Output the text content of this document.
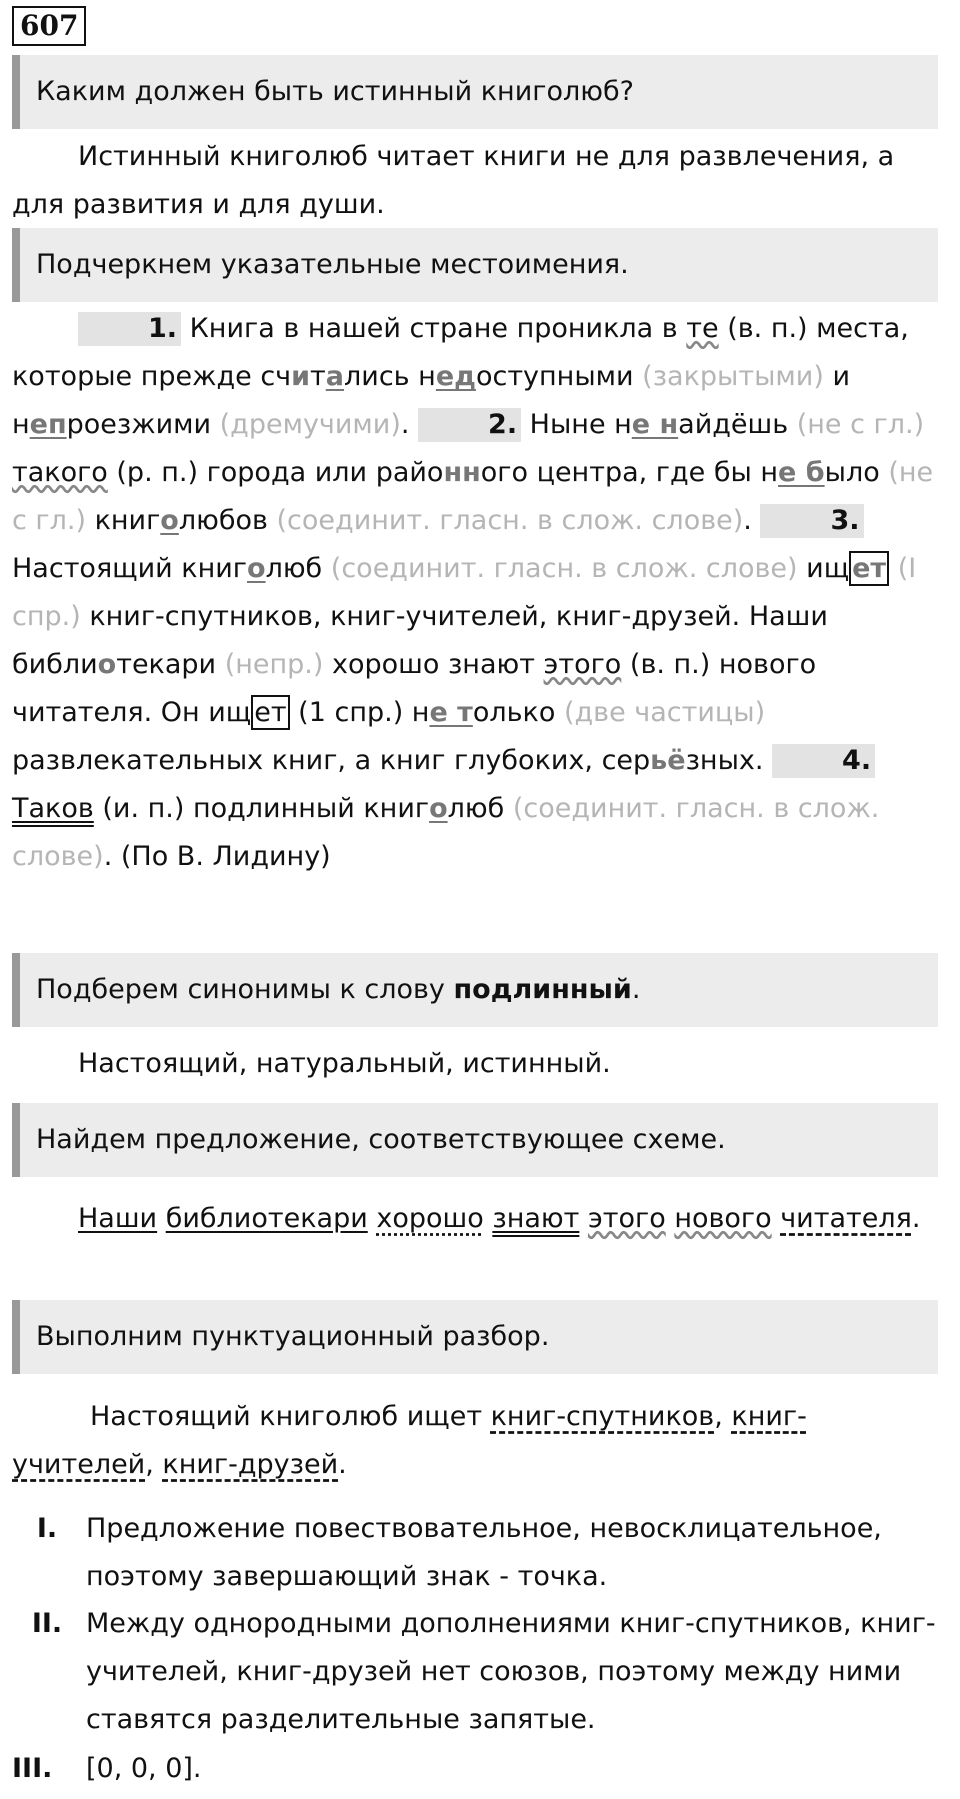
607
Каким должен быть истинный книголюб?
Истинный книголюб читает книги не для развлечения, а для развития и для души.
Подчеркнем указательные местоимения.
1. Книга в нашей стране проникла в те (в. п.) места, которые прежде считались недоступными (закрытыми) и непроезжими (дремучими).	2. Ныне не найдёшь (не с гл.) такого (р. п.) города или районного центра, где бы не было (не с гл.) книголюбов (соединит. гласн. в слож. слове).	3. Настоящий книголюб (соединит. гласн. в слож. слове) ищ ет (I спр.) книг-спутников, книг-учителей, книг-друзей. Наши библиотекари (непр.) хорошо знают этого (в. п.) нового читателя. Он ищ ет (1 спр.) не только (две частицы) развлекательных книг, а книг глубоких, серьёзных.	4. Таков (и. п.) подлинный книголюб (соединит. гласн. в слож. слове). (По В. Лидину)
Подберем синонимы к слову подлинный.
Настоящий, натуральный, истинный.
Найдем предложение, соответствующее схеме.
Наши библиотекари хорошо знают этого нового читателя.
Выполним пунктуационный разбор.
Настоящий книголюб ищет книг-спутников, книг-учителей, книг-друзей.
I.	Предложение повествовательное, невосклицательное, поэтому завершающий знак - точка.
II. Между однородными дополнениями книг-спутников, книг-учителей, книг-друзей нет союзов, поэтому между ними ставятся разделительные запятые.
III.	[0, 0, 0].
